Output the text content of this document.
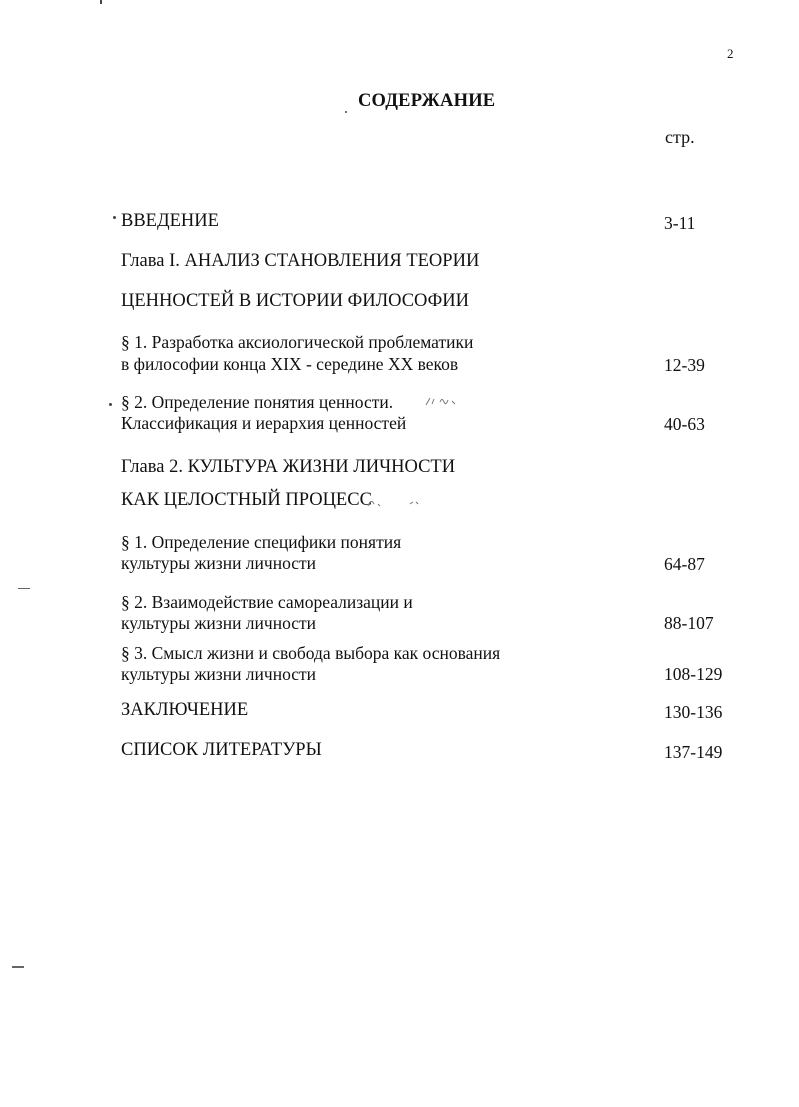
2
СОДЕРЖАНИЕ
стр.
ВВЕДЕНИЕ	3-11
Глава I. АНАЛИЗ СТАНОВЛЕНИЯ ТЕОРИИ
ЦЕННОСТЕЙ В ИСТОРИИ ФИЛОСОФИИ
§ 1. Разработка аксиологической проблематики
в философии конца XIX - середине XX веков	12-39
§ 2. Определение понятия ценности.
Классификация и иерархия ценностей	40-63
Глава 2. КУЛЬТУРА ЖИЗНИ ЛИЧНОСТИ
КАК ЦЕЛОСТНЫЙ ПРОЦЕСС
§ 1. Определение специфики понятия
культуры жизни личности	64-87
§ 2. Взаимодействие самореализации и
культуры жизни личности	88-107
§ 3. Смысл жизни и свобода выбора как основания
культуры жизни личности	108-129
ЗАКЛЮЧЕНИЕ	130-136
СПИСОК ЛИТЕРАТУРЫ	137-149
